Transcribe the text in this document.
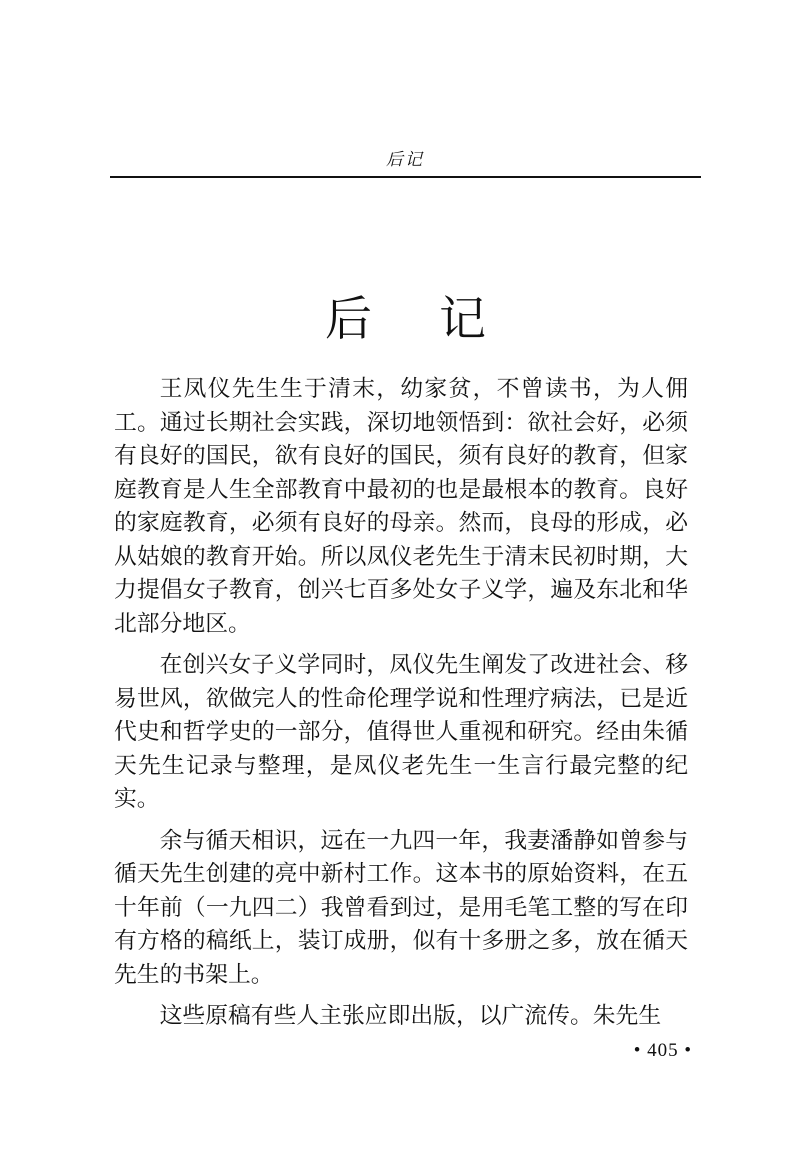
后记
后 记

王凤仪先生生于清末，幼家贫，不曾读书，为人佣工。通过长期社会实践，深切地领悟到：欲社会好，必须有良好的国民，欲有良好的国民，须有良好的教育，但家庭教育是人生全部教育中最初的也是最根本的教育。良好的家庭教育，必须有良好的母亲。然而，良母的形成，必从姑娘的教育开始。所以凤仪老先生于清末民初时期，大力提倡女子教育，创兴七百多处女子义学，遍及东北和华北部分地区。

在创兴女子义学同时，凤仪先生阐发了改进社会、移易世风，欲做完人的性命伦理学说和性理疗病法，已是近代史和哲学史的一部分，值得世人重视和研究。经由朱循天先生记录与整理，是凤仪老先生一生言行最完整的纪实。

余与循天相识，远在一九四一年，我妻潘静如曾参与循天先生创建的亮中新村工作。这本书的原始资料，在五十年前（一九四二）我曾看到过，是用毛笔工整的写在印有方格的稿纸上，装订成册，似有十多册之多，放在循天先生的书架上。

这些原稿有些人主张应即出版，以广流传。朱先生

• 405 •
